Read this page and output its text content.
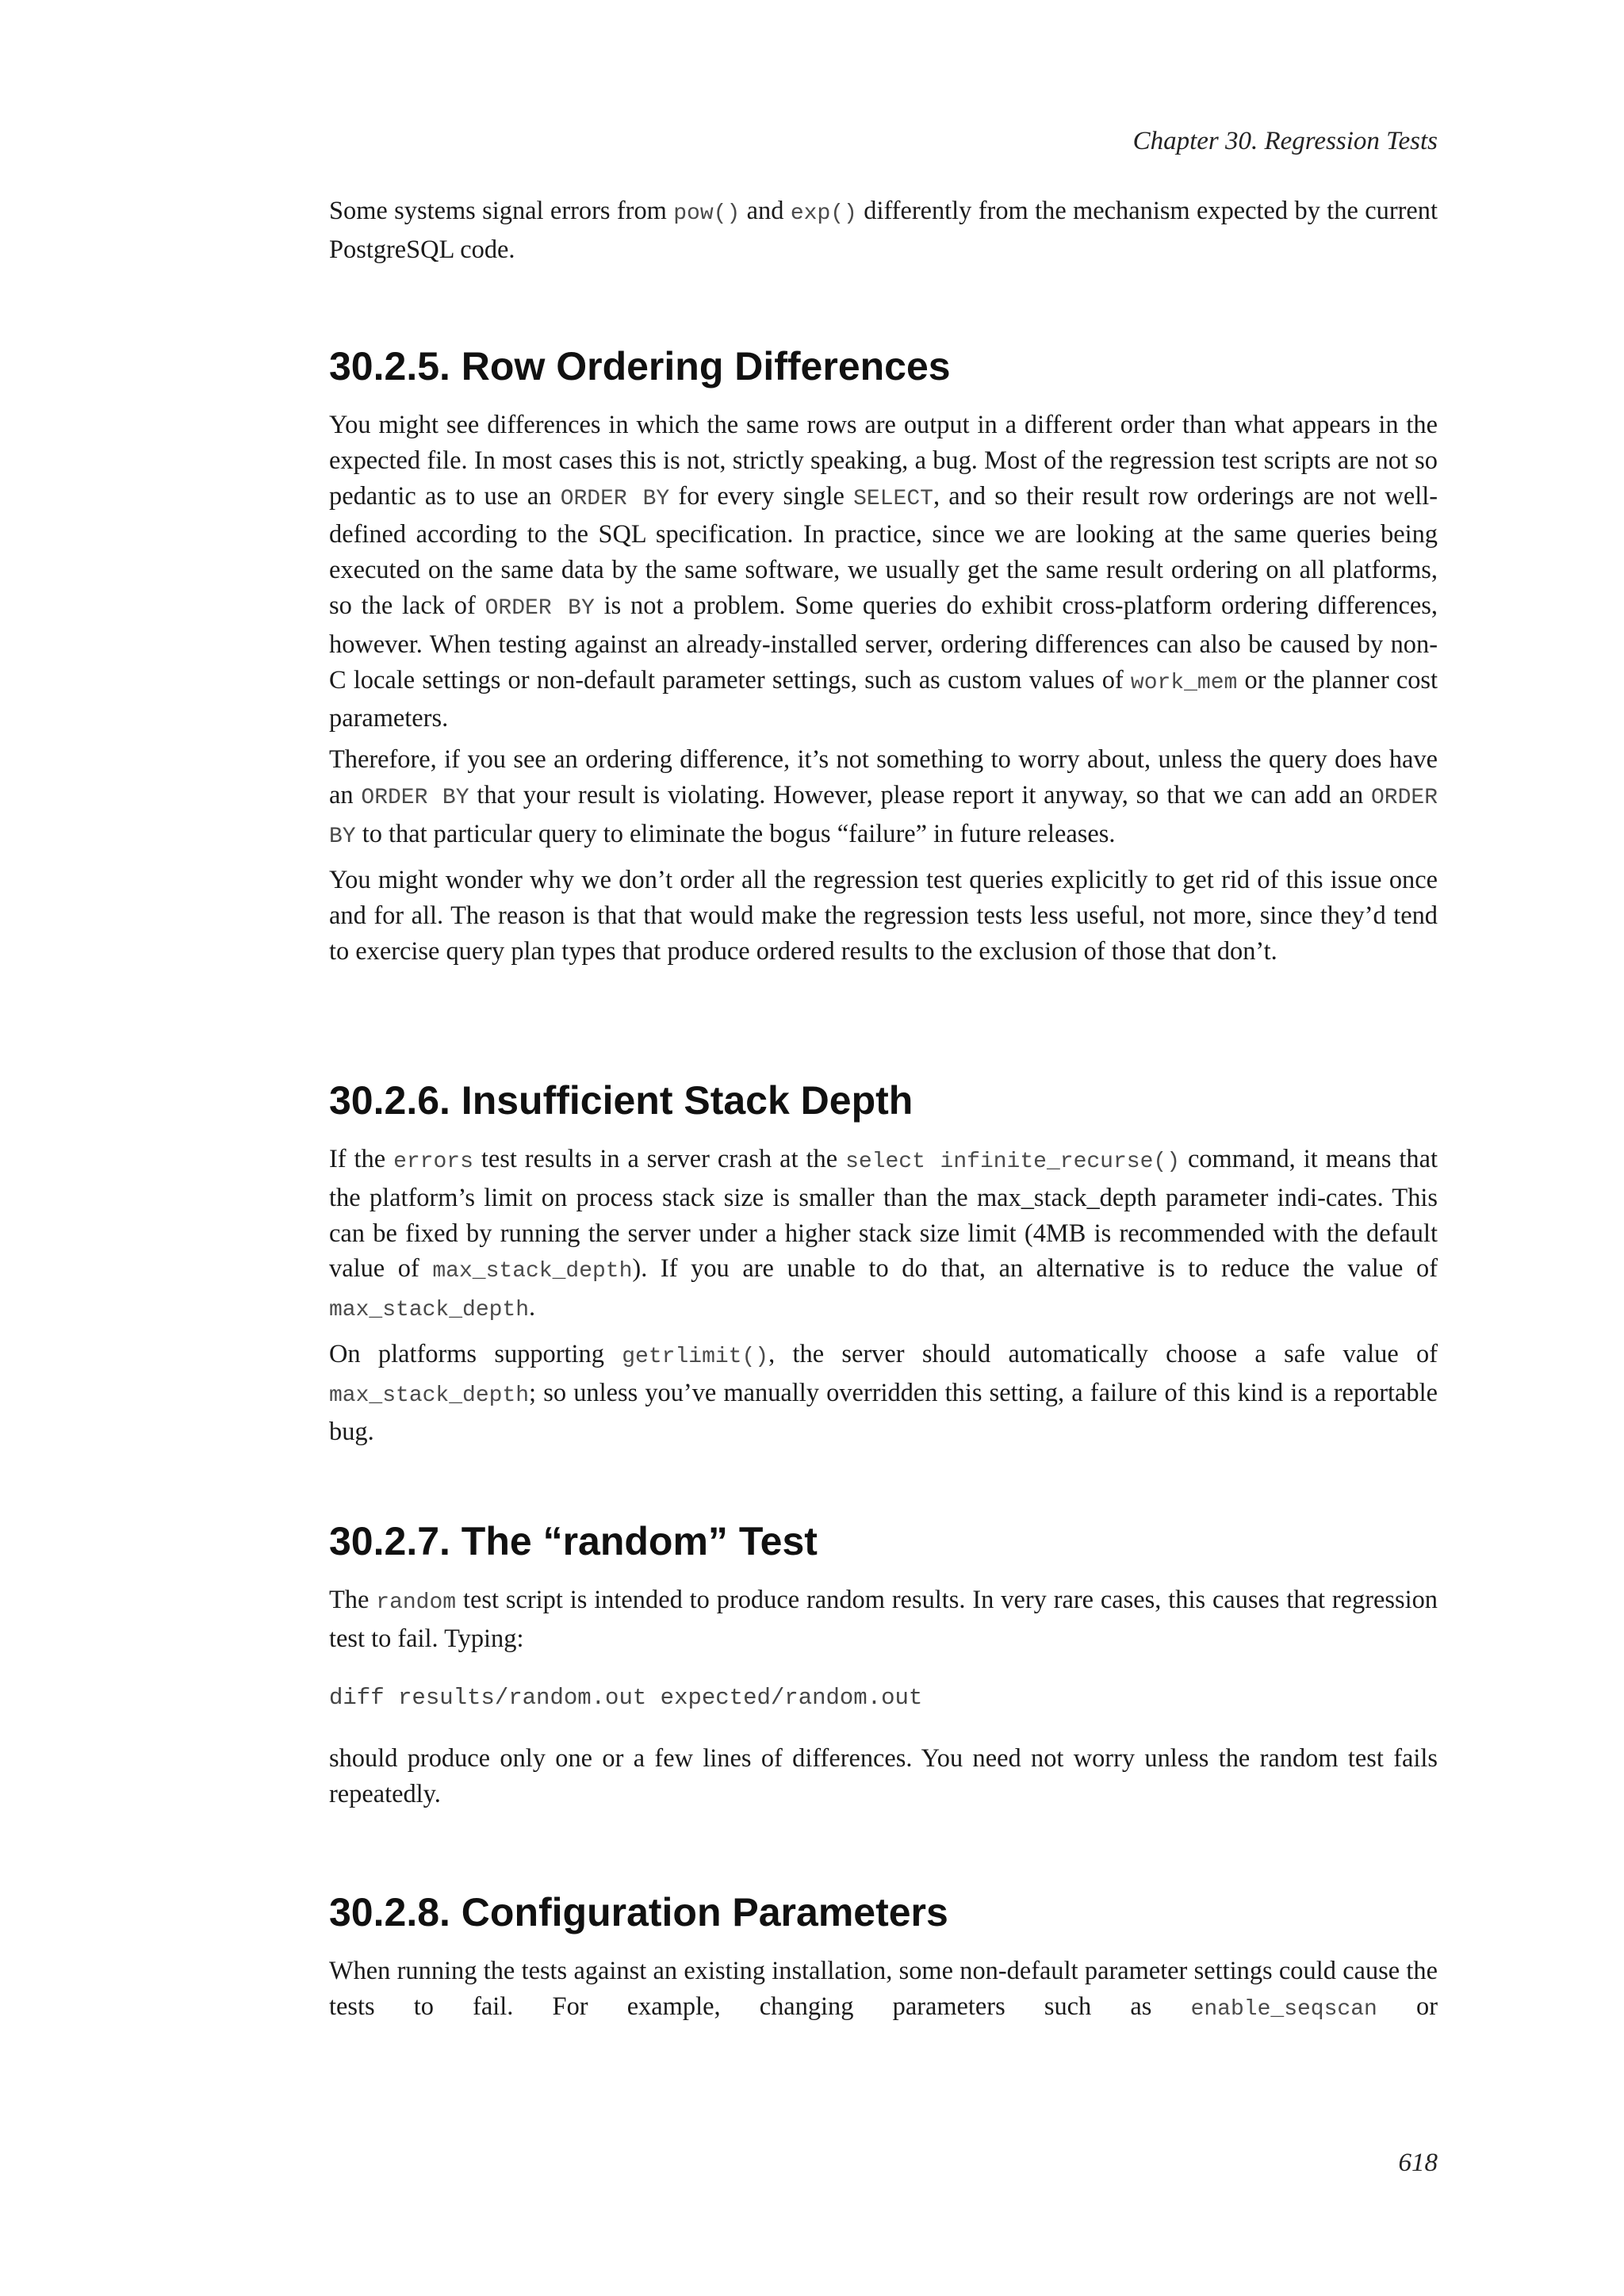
Chapter 30. Regression Tests

Some systems signal errors from pow() and exp() differently from the mechanism expected by the current PostgreSQL code.

30.2.5. Row Ordering Differences

You might see differences in which the same rows are output in a different order than what appears in the expected file. In most cases this is not, strictly speaking, a bug. Most of the regression test scripts are not so pedantic as to use an ORDER BY for every single SELECT, and so their result row orderings are not well-defined according to the SQL specification. In practice, since we are looking at the same queries being executed on the same data by the same software, we usually get the same result ordering on all platforms, so the lack of ORDER BY is not a problem. Some queries do exhibit cross-platform ordering differences, however. When testing against an already-installed server, ordering differences can also be caused by non-C locale settings or non-default parameter settings, such as custom values of work_mem or the planner cost parameters.

Therefore, if you see an ordering difference, it’s not something to worry about, unless the query does have an ORDER BY that your result is violating. However, please report it anyway, so that we can add an ORDER BY to that particular query to eliminate the bogus “failure” in future releases.

You might wonder why we don’t order all the regression test queries explicitly to get rid of this issue once and for all. The reason is that that would make the regression tests less useful, not more, since they’d tend to exercise query plan types that produce ordered results to the exclusion of those that don’t.

30.2.6. Insufficient Stack Depth

If the errors test results in a server crash at the select infinite_recurse() command, it means that the platform’s limit on process stack size is smaller than the max_stack_depth parameter indi-cates. This can be fixed by running the server under a higher stack size limit (4MB is recommended with the default value of max_stack_depth). If you are unable to do that, an alternative is to reduce the value of max_stack_depth.

On platforms supporting getrlimit(), the server should automatically choose a safe value of max_stack_depth; so unless you’ve manually overridden this setting, a failure of this kind is a reportable bug.

30.2.7. The “random” Test

The random test script is intended to produce random results. In very rare cases, this causes that regression test to fail. Typing:

diff results/random.out expected/random.out

should produce only one or a few lines of differences. You need not worry unless the random test fails repeatedly.

30.2.8. Configuration Parameters

When running the tests against an existing installation, some non-default parameter settings could cause the tests to fail. For example, changing parameters such as enable_seqscan or

618
